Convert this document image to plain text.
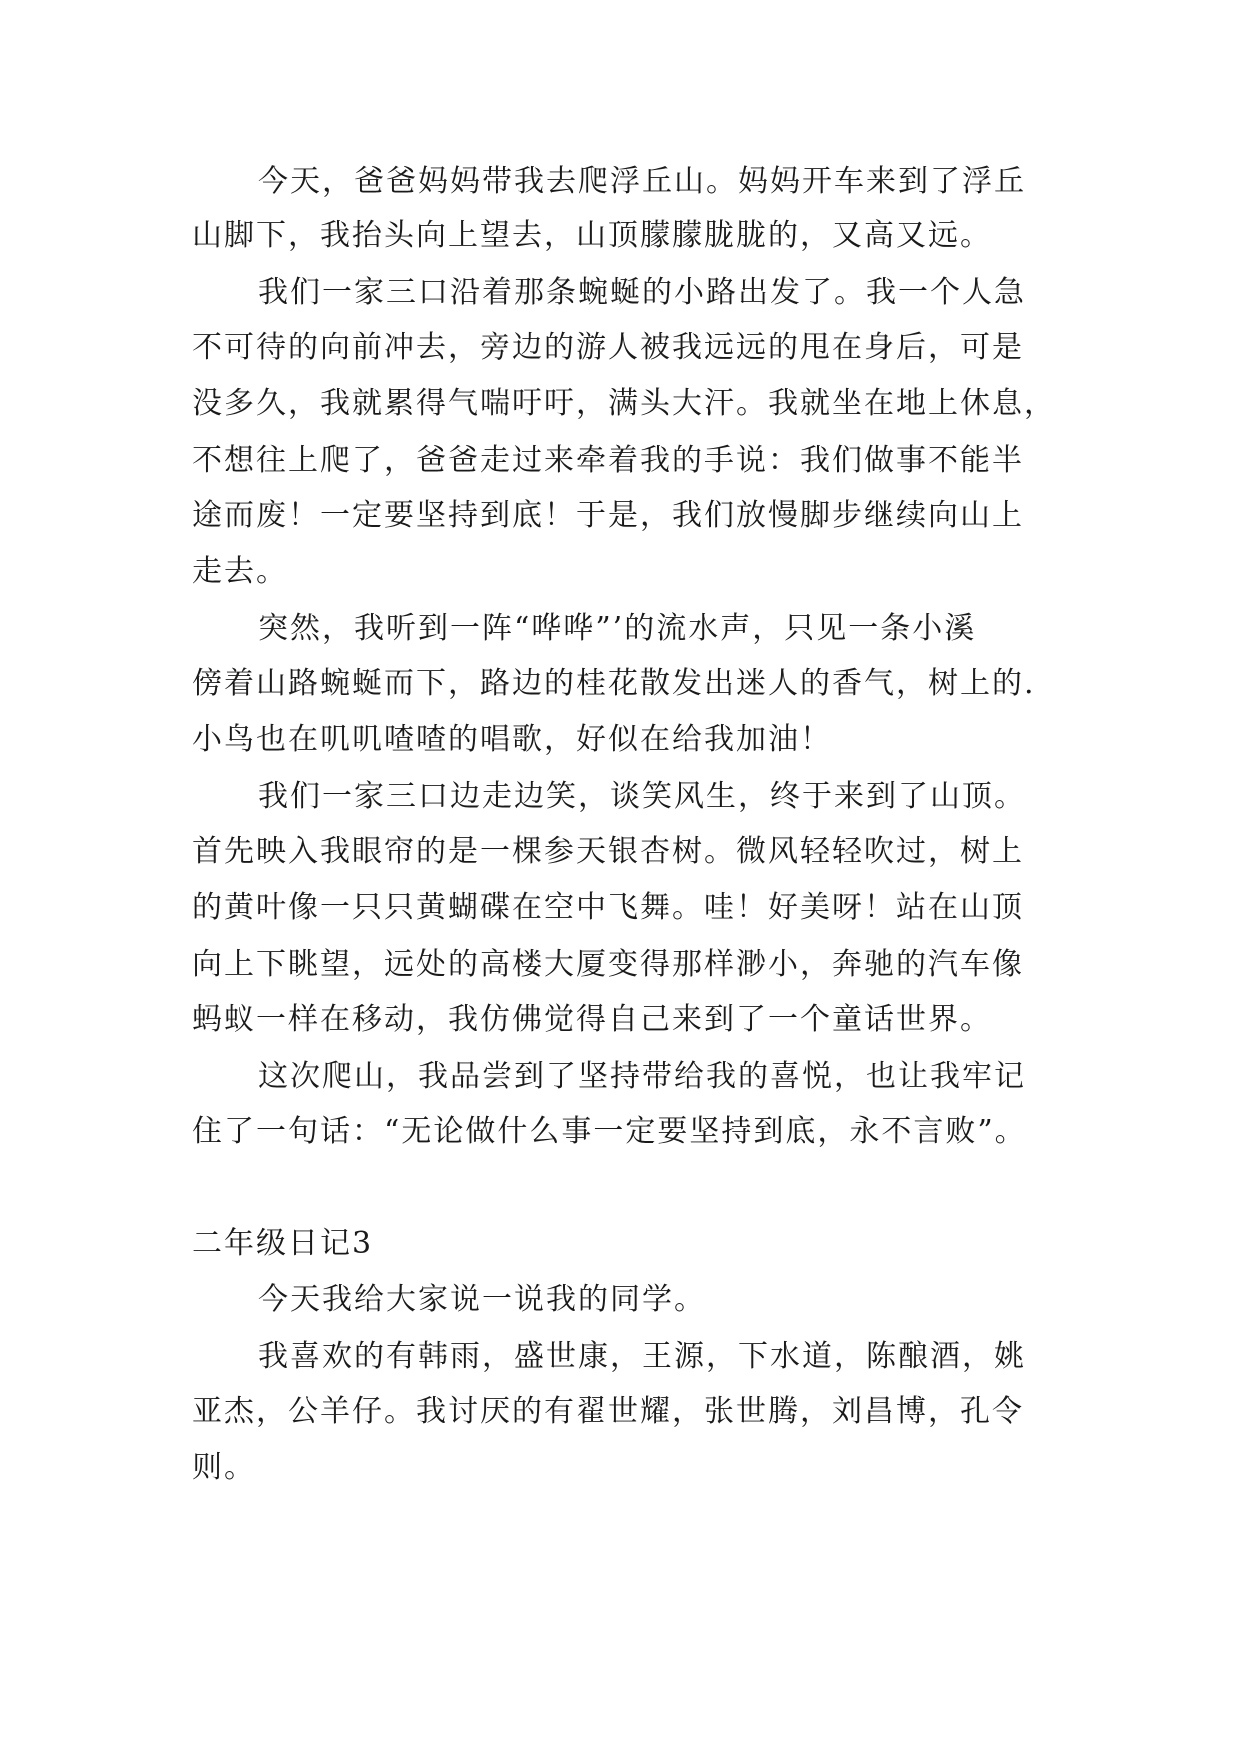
今天，爸爸妈妈带我去爬浮丘山。妈妈开车来到了浮丘
山脚下，我抬头向上望去，山顶朦朦胧胧的，又高又远。
我们一家三口沿着那条蜿蜒的小路出发了。我一个人急
不可待的向前冲去，旁边的游人被我远远的甩在身后，可是
没多久，我就累得气喘吁吁，满头大汗。我就坐在地上休息，
不想往上爬了，爸爸走过来牵着我的手说：我们做事不能半
途而废！一定要坚持到底！于是，我们放慢脚步继续向山上
走去。
突然，我听到一阵“哗哗”’的流水声，只见一条小溪
傍着山路蜿蜒而下，路边的桂花散发出迷人的香气，树上的.
小鸟也在叽叽喳喳的唱歌，好似在给我加油！
我们一家三口边走边笑，谈笑风生，终于来到了山顶。
首先映入我眼帘的是一棵参天银杏树。微风轻轻吹过，树上
的黄叶像一只只黄蝴碟在空中飞舞。哇！好美呀！站在山顶
向上下眺望，远处的高楼大厦变得那样渺小，奔驰的汽车像
蚂蚁一样在移动，我仿佛觉得自己来到了一个童话世界。
这次爬山，我品尝到了坚持带给我的喜悦，也让我牢记
住了一句话：“无论做什么事一定要坚持到底，永不言败”。
二年级日记3
今天我给大家说一说我的同学。
我喜欢的有韩雨，盛世康，王源，下水道，陈酿酒，姚
亚杰，公羊仔。我讨厌的有翟世耀，张世腾，刘昌博，孔令
则。
